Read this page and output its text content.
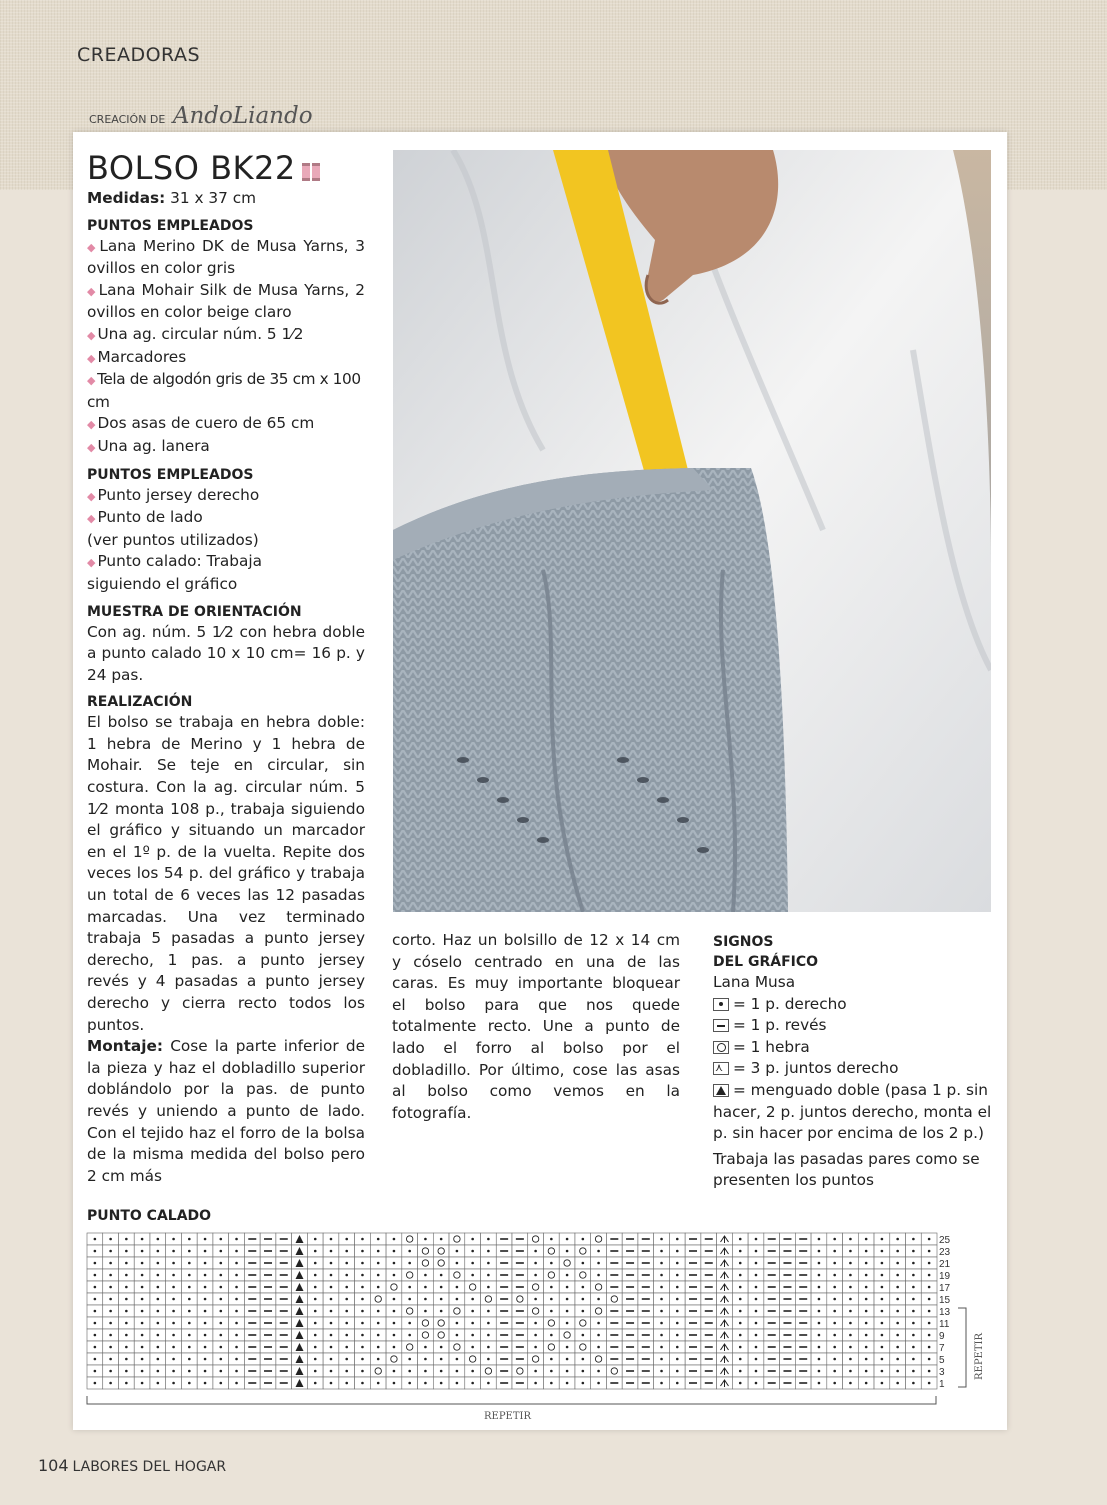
CREADORAS
CREACIÓN DE AndoLiando
BOLSO BK22
Medidas: 31 x 37 cm
PUNTOS EMPLEADOS
◆ Lana Merino DK de Musa Yarns, 3 ovillos en color gris
◆ Lana Mohair Silk de Musa Yarns, 2 ovillos en color beige claro
◆ Una ag. circular núm. 5 1⁄2
◆ Marcadores
◆ Tela de algodón gris de 35 cm x 100 cm
◆ Dos asas de cuero de 65 cm
◆ Una ag. lanera
PUNTOS EMPLEADOS
◆ Punto jersey derecho
◆ Punto de lado
(ver puntos utilizados)
◆ Punto calado: Trabaja
siguiendo el gráfico
MUESTRA DE ORIENTACIÓN
Con ag. núm. 5 1⁄2 con hebra doble a punto calado 10 x 10 cm= 16 p. y 24 pas.
REALIZACIÓN
El bolso se trabaja en hebra doble: 1 hebra de Merino y 1 hebra de Mohair. Se teje en circular, sin costura. Con la ag. circular núm. 5 1⁄2 monta 108 p., trabaja siguiendo el gráfico y situando un marcador en el 1º p. de la vuelta. Repite dos veces los 54 p. del gráfico y trabaja un total de 6 veces las 12 pasadas marcadas. Una vez terminado trabaja 5 pasadas a punto jersey derecho, 1 pas. a punto jersey revés y 4 pasadas a punto jersey derecho y cierra recto todos los puntos.
Montaje: Cose la parte inferior de la pieza y haz el dobladillo superior doblándolo por la pas. de punto revés y uniendo a punto de lado. Con el tejido haz el forro de la bolsa de la misma medida del bolso pero 2 cm más
corto. Haz un bolsillo de 12 x 14 cm y cóselo centrado en una de las caras. Es muy importante bloquear el bolso para que nos quede totalmente recto. Une a punto de lado el forro al bolso por el dobladillo. Por último, cose las asas al bolso como vemos en la fotografía.
SIGNOS
DEL GRÁFICO
Lana Musa
= 1 p. derecho
= 1 p. revés
= 1 hebra
⋏ = 3 p. juntos derecho
= menguado doble (pasa 1 p. sin hacer, 2 p. juntos derecho, monta el p. sin hacer por encima de los 2 p.)
Trabaja las pasadas pares como se presenten los puntos
PUNTO CALADO
25
23
21
19
17
15
13
11
9
7
5
3
1
REPETIR
REPETIR
104 LABORES DEL HOGAR
